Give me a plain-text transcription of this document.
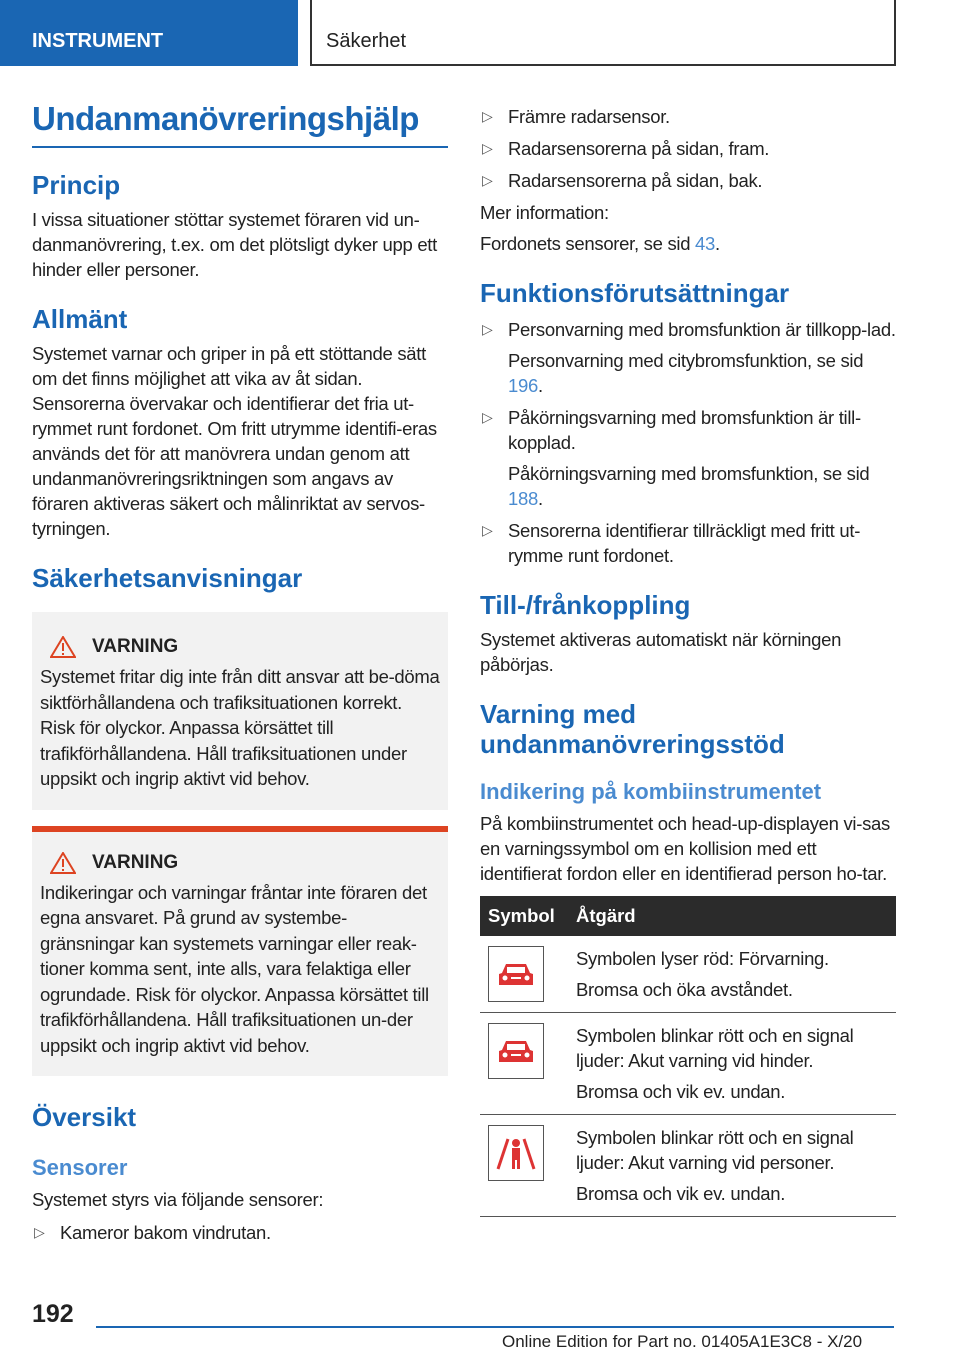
INSTRUMENT	Säkerhet
Undanmanövreringshjälp
Princip

I vissa situationer stöttar systemet föraren vid un-danmanövrering, t.ex. om det plötsligt dyker upp ett hinder eller personer.

Allmänt

Systemet varnar och griper in på ett stöttande sätt om det finns möjlighet att vika av åt sidan. Sensorerna övervakar och identifierar det fria ut-rymmet runt fordonet. Om fritt utrymme identifi-eras används det för att manövrera undan genom att undanmanövreringsriktningen som angavs av föraren aktiveras säkert och målinriktat av servos-tyrningen.

Säkerhetsanvisningar
VARNING
Systemet fritar dig inte från ditt ansvar att be-döma siktförhållandena och trafiksituationen korrekt. Risk för olyckor. Anpassa körsättet till trafikförhållandena. Håll trafiksituationen under uppsikt och ingrip aktivt vid behov.
VARNING
Indikeringar och varningar fråntar inte föraren det egna ansvaret. På grund av systembe-gränsningar kan systemets varningar eller reak-tioner komma sent, inte alls, vara felaktiga eller ogrundade. Risk för olyckor. Anpassa körsättet till trafikförhållandena. Håll trafiksituationen un-der uppsikt och ingrip aktivt vid behov.
Översikt
Sensorer

Systemet styrs via följande sensorer:

▷ Kameror bakom vindrutan.
▷ Främre radarsensor.
▷ Radarsensorerna på sidan, fram.
▷ Radarsensorerna på sidan, bak.

Mer information:

Fordonets sensorer, se sid 43.

Funktionsförutsättningar
▷ Personvarning med bromsfunktion är tillkopp-lad.
Personvarning med citybromsfunktion, se sid 196.
▷ Påkörningsvarning med bromsfunktion är till-kopplad.
Påkörningsvarning med bromsfunktion, se sid 188.
▷ Sensorerna identifierar tillräckligt med fritt ut-rymme runt fordonet.
Till-/frånkoppling

Systemet aktiveras automatiskt när körningen påbörjas.

Varning med undanmanövreringsstöd
Indikering på kombiinstrumentet

På kombiinstrumentet och head-up-displayen vi-sas en varningssymbol om en kollision med ett identifierat fordon eller en identifierad person ho-tar.

Symbol	Åtgärd

Symbolen lyser röd: Förvarning.

Bromsa och öka avståndet.

Symbolen blinkar rött och en signal ljuder: Akut varning vid hinder.

Bromsa och vik ev. undan.

Symbolen blinkar rött och en signal ljuder: Akut varning vid personer.

Bromsa och vik ev. undan.

192
Online Edition for Part no. 01405A1E3C8 - X/20
